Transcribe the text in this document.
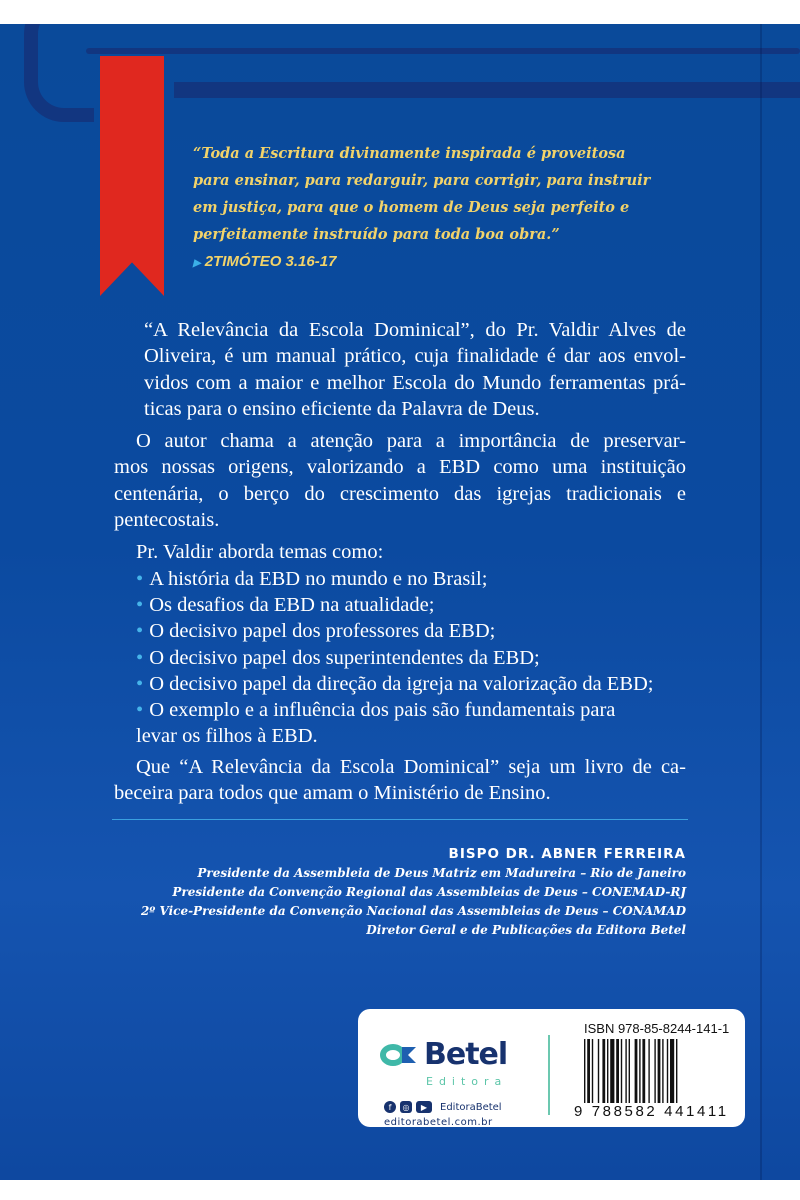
“Toda a Escritura divinamente inspirada é proveitosa
para ensinar, para redarguir, para corrigir, para instruir
em justiça, para que o homem de Deus seja perfeito e
perfeitamente instruído para toda boa obra.”
▶ 2TIMÓTEO 3.16-17
“A Relevância da Escola Dominical”, do Pr. Valdir Alves de
Oliveira, é um manual prático, cuja finalidade é dar aos envol-
vidos com a maior e melhor Escola do Mundo ferramentas prá-
ticas para o ensino eficiente da Palavra de Deus.
O autor chama a atenção para a importância de preservar-
mos nossas origens, valorizando a EBD como uma instituição
centenária, o berço do crescimento das igrejas tradicionais e
pentecostais.
Pr. Valdir aborda temas como:
• A história da EBD no mundo e no Brasil;
• Os desafios da EBD na atualidade;
• O decisivo papel dos professores da EBD;
• O decisivo papel dos superintendentes da EBD;
• O decisivo papel da direção da igreja na valorização da EBD;
• O exemplo e a influência dos pais são fundamentais para
levar os filhos à EBD.
Que “A Relevância da Escola Dominical” seja um livro de ca-
beceira para todos que amam o Ministério de Ensino.
BISPO DR. ABNER FERREIRA
Presidente da Assembleia de Deus Matriz em Madureira – Rio de Janeiro
Presidente da Convenção Regional das Assembleias de Deus – CONEMAD-RJ
2º Vice-Presidente da Convenção Nacional das Assembleias de Deus – CONAMAD
Diretor Geral e de Publicações da Editora Betel
Betel
Editora
f	◎	▶	EditoraBetel
editorabetel.com.br
ISBN 978-85-8244-141-1
9 788582 441411
